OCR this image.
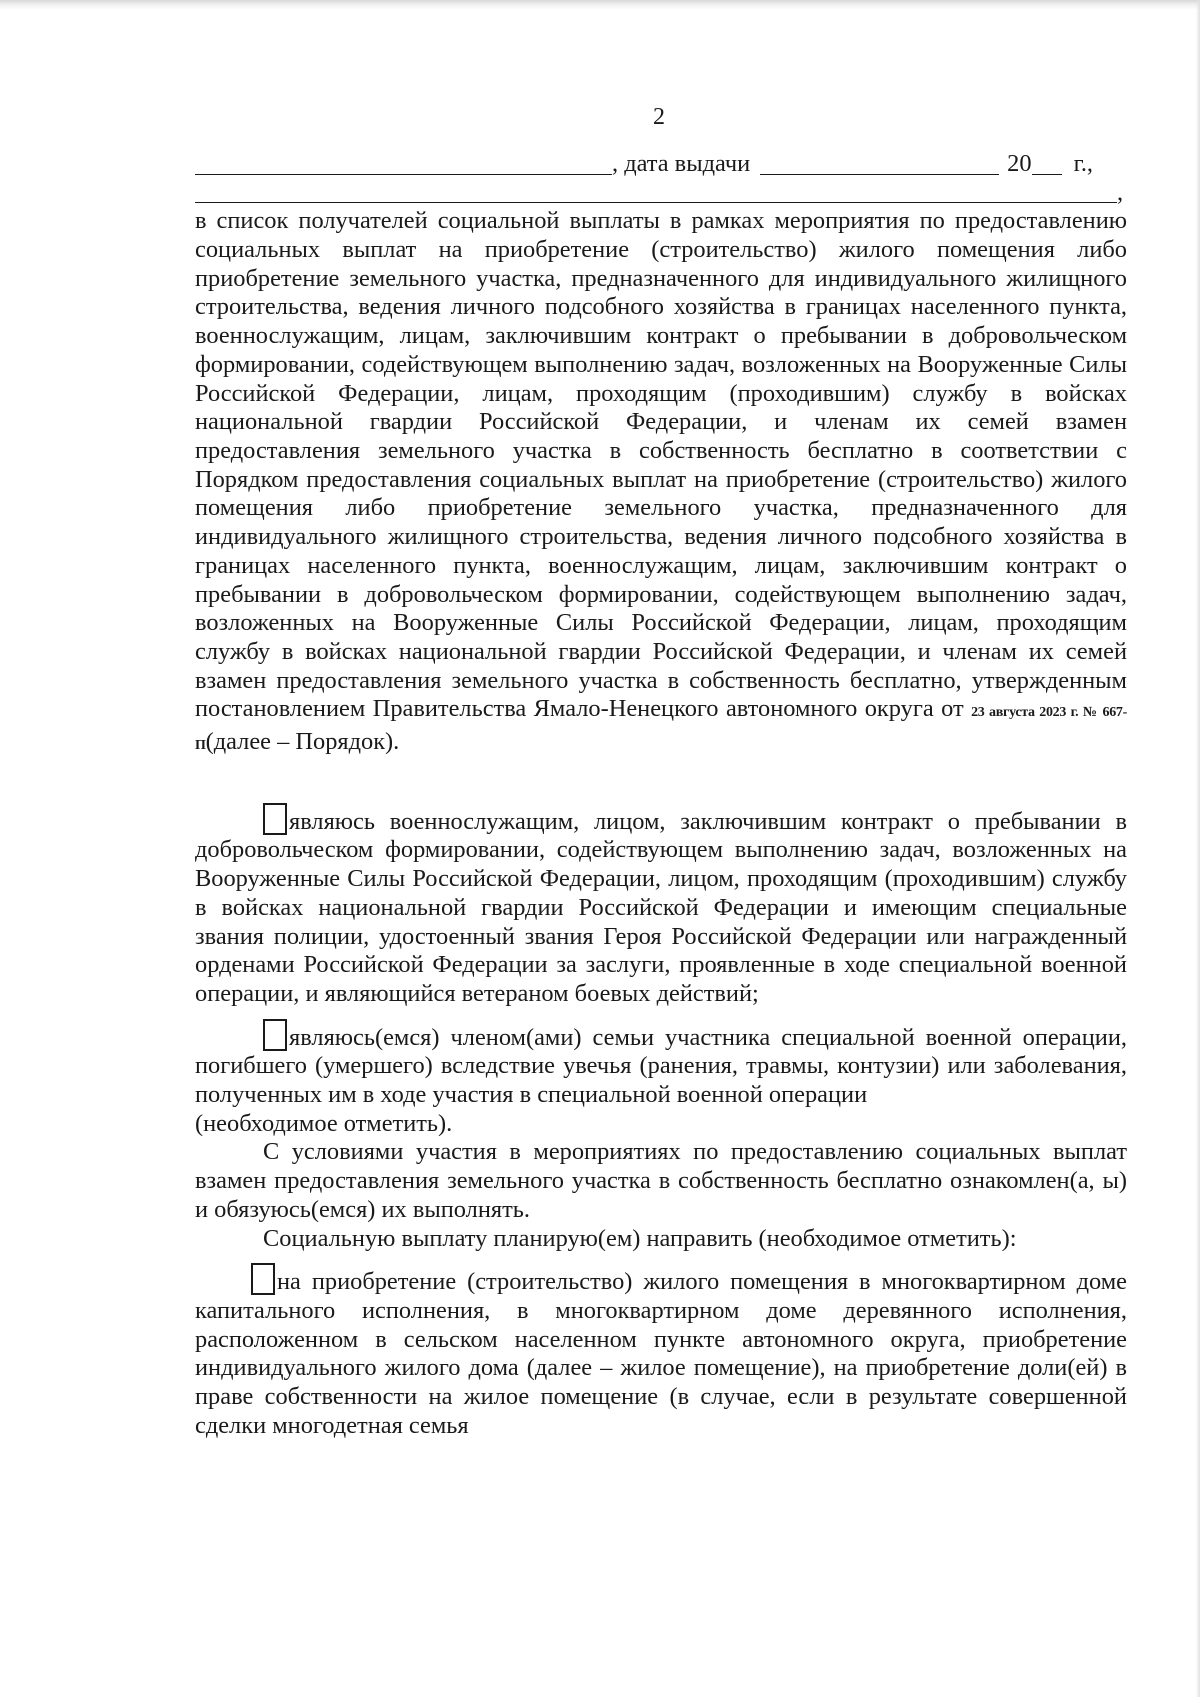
2
, дата выдачи	20 г.,
,

в список получателей социальной выплаты в рамках мероприятия по предоставлению социальных выплат на приобретение (строительство) жилого помещения либо приобретение земельного участка, предназначенного для индивидуального жилищного строительства, ведения личного подсобного хозяйства в границах населенного пункта, военнослужащим, лицам, заключившим контракт о пребывании в добровольческом формировании, содействующем выполнению задач, возложенных на Вооруженные Силы Российской Федерации, лицам, проходящим (проходившим) службу в войсках национальной гвардии Российской Федерации, и членам их семей взамен предоставления земельного участка в собственность бесплатно в соответствии с Порядком предоставления социальных выплат на приобретение (строительство) жилого помещения либо приобретение земельного участка, предназначенного для индивидуального жилищного строительства, ведения личного подсобного хозяйства в границах населенного пункта, военнослужащим, лицам, заключившим контракт о пребывании в добровольческом формировании, содействующем выполнению задач, возложенных на Вооруженные Силы Российской Федерации, лицам, проходящим службу в войсках национальной гвардии Российской Федерации, и членам их семей взамен предоставления земельного участка в собственность бесплатно, утвержденным постановлением Правительства Ямало-Ненецкого автономного округа от 23 августа 2023 г. № 667-П(далее – Порядок).

являюсь военнослужащим, лицом, заключившим контракт о пребывании в добровольческом формировании, содействующем выполнению задач, возложенных на Вооруженные Силы Российской Федерации, лицом, проходящим (проходившим) службу в войсках национальной гвардии Российской Федерации и имеющим специальные звания полиции, удостоенный звания Героя Российской Федерации или награжденный орденами Российской Федерации за заслуги, проявленные в ходе специальной военной операции, и являющийся ветераном боевых действий;

являюсь(емся) членом(ами) семьи участника специальной военной операции, погибшего (умершего) вследствие увечья (ранения, травмы, контузии) или заболевания, полученных им в ходе участия в специальной военной операции

(необходимое отметить).

С условиями участия в мероприятиях по предоставлению социальных выплат взамен предоставления земельного участка в собственность бесплатно ознакомлен(а, ы) и обязуюсь(емся) их выполнять.

Социальную выплату планирую(ем) направить (необходимое отметить):

на приобретение (строительство) жилого помещения в многоквартирном доме капитального исполнения, в многоквартирном доме деревянного исполнения, расположенном в сельском населенном пункте автономного округа, приобретение индивидуального жилого дома (далее – жилое помещение), на приобретение доли(ей) в праве собственности на жилое помещение (в случае, если в результате совершенной сделки многодетная семья
